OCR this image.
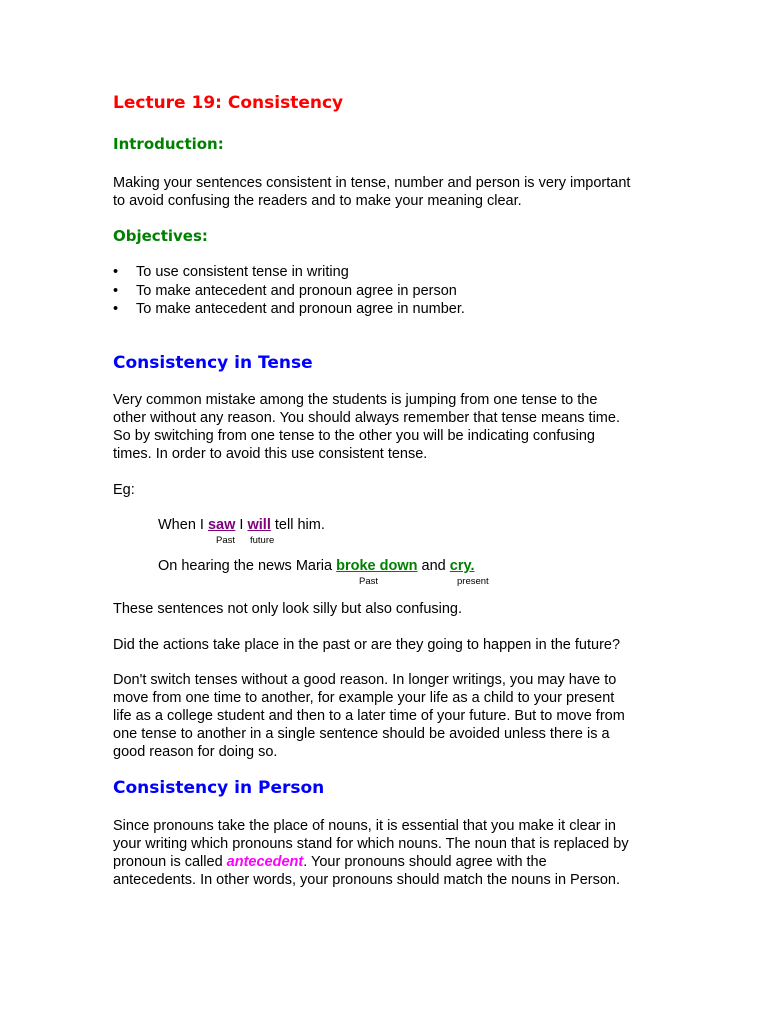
Lecture 19: Consistency
Introduction:
Making your sentences consistent in tense, number and person is very important
to avoid confusing the readers and to make your meaning clear.
Objectives:
• To use consistent tense in writing
• To make antecedent and pronoun agree in person
• To make antecedent and pronoun agree in number.
Consistency in Tense
Very common mistake among the students is jumping from one tense to the
other without any reason. You should always remember that tense means time.
So by switching from one tense to the other you will be indicating confusing
times. In order to avoid this use consistent tense.
Eg:
When I saw I will tell him.
Past future
On hearing the news Maria broke down and cry.
Past	present
These sentences not only look silly but also confusing.
Did the actions take place in the past or are they going to happen in the future?
Don't switch tenses without a good reason. In longer writings, you may have to
move from one time to another, for example your life as a child to your present
life as a college student and then to a later time of your future. But to move from
one tense to another in a single sentence should be avoided unless there is a
good reason for doing so.
Consistency in Person
Since pronouns take the place of nouns, it is essential that you make it clear in
your writing which pronouns stand for which nouns. The noun that is replaced by
pronoun is called antecedent. Your pronouns should agree with the
antecedents. In other words, your pronouns should match the nouns in Person.
